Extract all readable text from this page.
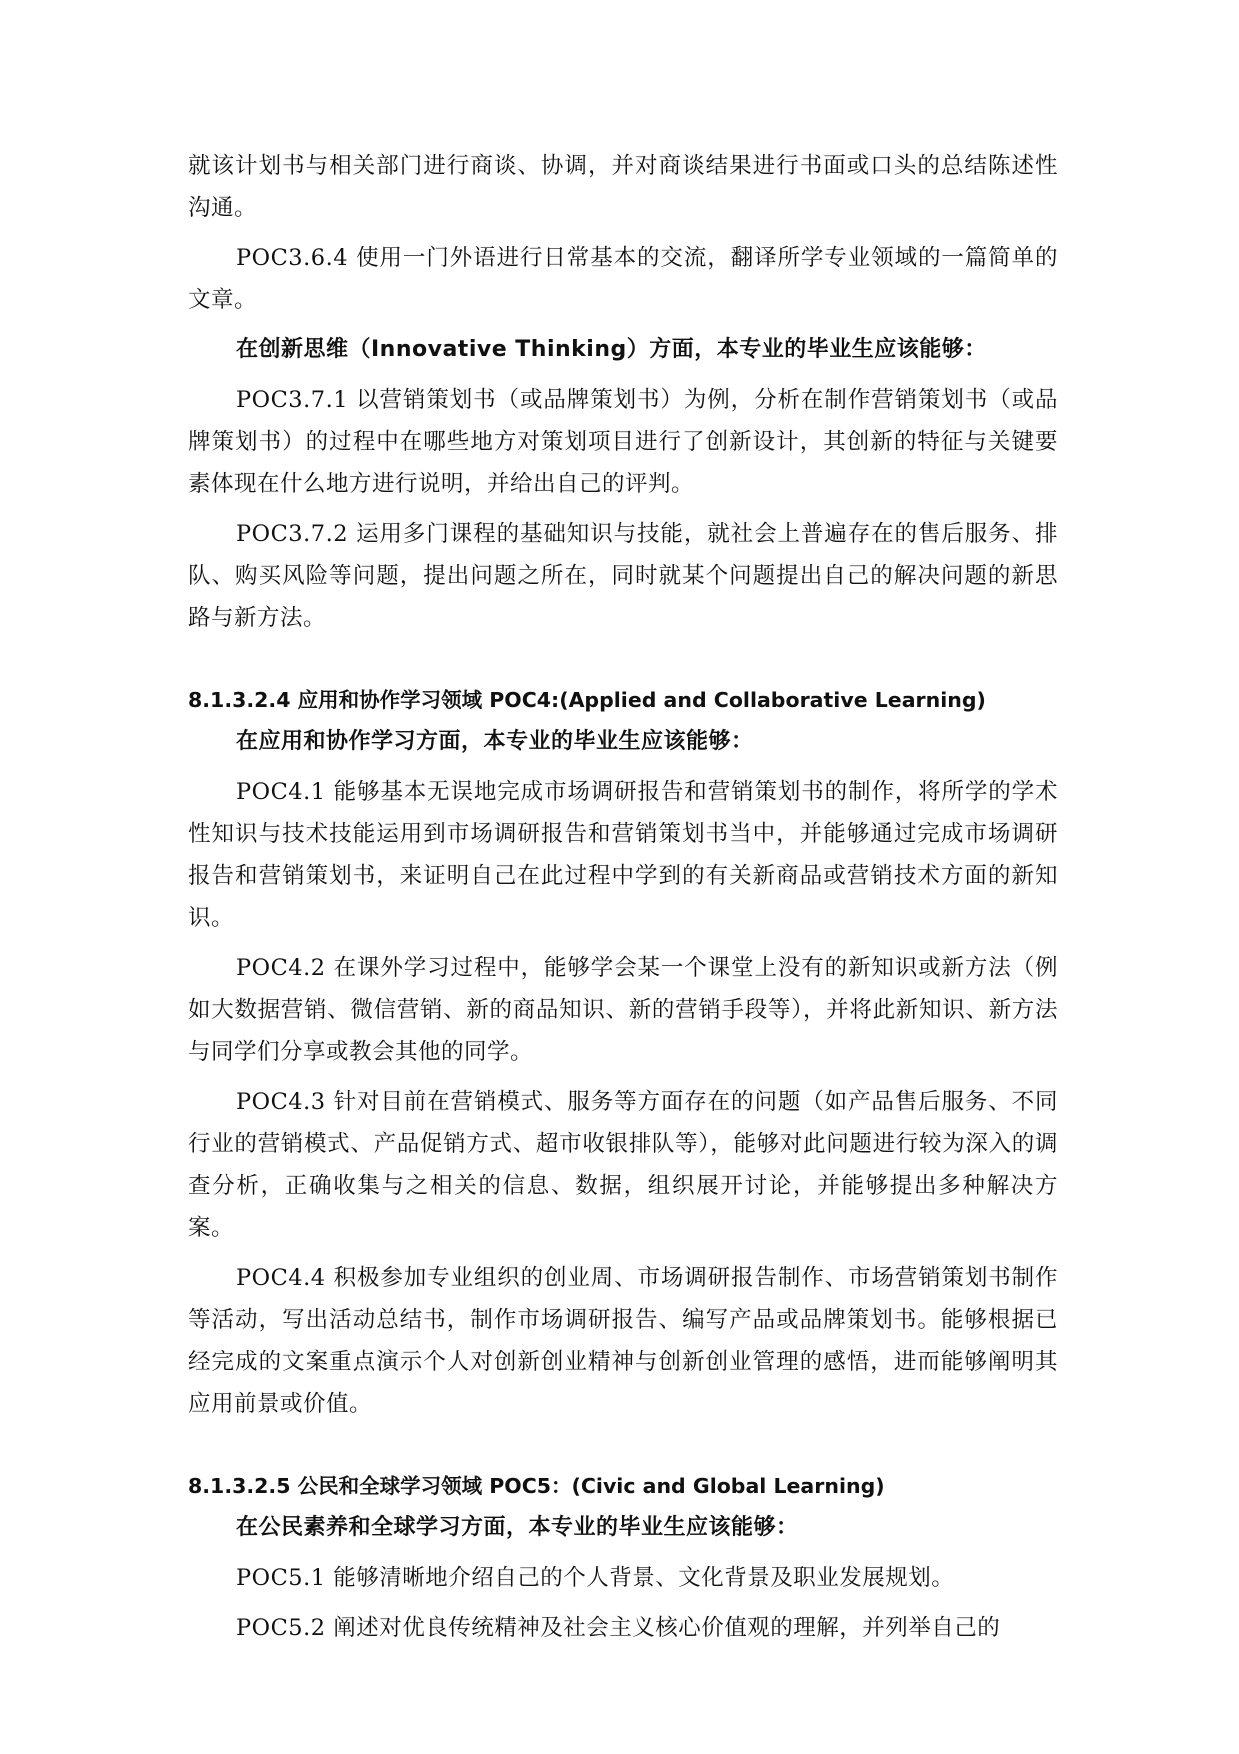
就该计划书与相关部门进行商谈、协调，并对商谈结果进行书面或口头的总结陈述性沟通。

POC3.6.4 使用一门外语进行日常基本的交流，翻译所学专业领域的一篇简单的文章。

在创新思维（Innovative Thinking）方面，本专业的毕业生应该能够：

POC3.7.1 以营销策划书（或品牌策划书）为例，分析在制作营销策划书（或品牌策划书）的过程中在哪些地方对策划项目进行了创新设计，其创新的特征与关键要素体现在什么地方进行说明，并给出自己的评判。

POC3.7.2 运用多门课程的基础知识与技能，就社会上普遍存在的售后服务、排队、购买风险等问题，提出问题之所在，同时就某个问题提出自己的解决问题的新思路与新方法。

8.1.3.2.4 应用和协作学习领域 POC4:(Applied and Collaborative Learning)

在应用和协作学习方面，本专业的毕业生应该能够：

POC4.1 能够基本无误地完成市场调研报告和营销策划书的制作，将所学的学术性知识与技术技能运用到市场调研报告和营销策划书当中，并能够通过完成市场调研报告和营销策划书，来证明自己在此过程中学到的有关新商品或营销技术方面的新知识。

POC4.2 在课外学习过程中，能够学会某一个课堂上没有的新知识或新方法（例如大数据营销、微信营销、新的商品知识、新的营销手段等），并将此新知识、新方法与同学们分享或教会其他的同学。

POC4.3 针对目前在营销模式、服务等方面存在的问题（如产品售后服务、不同行业的营销模式、产品促销方式、超市收银排队等），能够对此问题进行较为深入的调查分析，正确收集与之相关的信息、数据，组织展开讨论，并能够提出多种解决方案。

POC4.4 积极参加专业组织的创业周、市场调研报告制作、市场营销策划书制作等活动，写出活动总结书，制作市场调研报告、编写产品或品牌策划书。能够根据已经完成的文案重点演示个人对创新创业精神与创新创业管理的感悟，进而能够阐明其应用前景或价值。

8.1.3.2.5 公民和全球学习领域 POC5：(Civic and Global Learning)

在公民素养和全球学习方面，本专业的毕业生应该能够：

POC5.1 能够清晰地介绍自己的个人背景、文化背景及职业发展规划。

POC5.2 阐述对优良传统精神及社会主义核心价值观的理解，并列举自己的
